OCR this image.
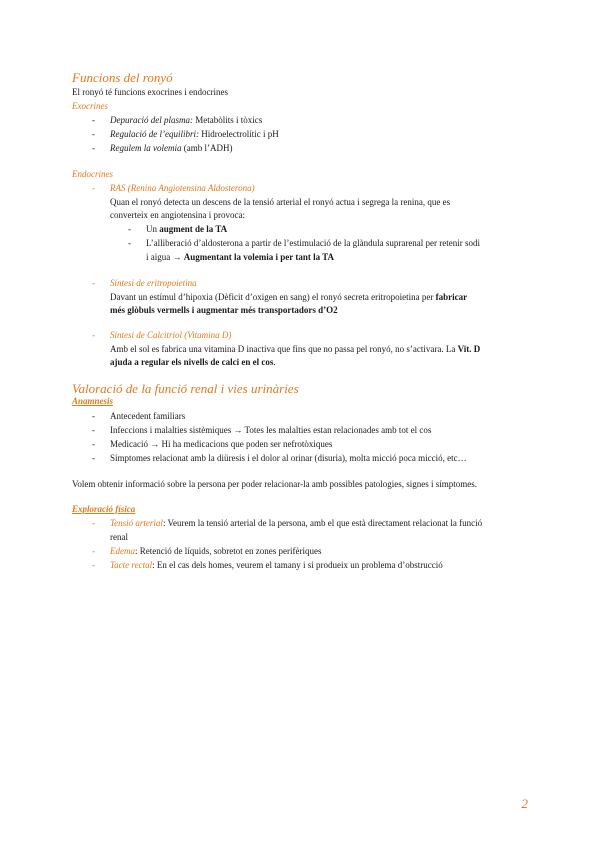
Funcions del ronyó

El ronyó té funcions exocrines i endocrines

Exocrines

- Depuració del plasma: Metabòlits i tòxics

- Regulació de l’equilibri: Hidroelectrolític i pH

- Regulem la volemia (amb l’ADH)

Endocrines

- RAS (Renina Angiotensina Aldosterona)

Quan el ronyó detecta un descens de la tensió arterial el ronyó actua i segrega la renina, que es

converteix en angiotensina i provoca:

- Un augment de la TA

- L’alliberació d’aldosterona a partir de l’estimulació de la glàndula suprarenal per retenir sodi

i aigua → Augmentant la volemia i per tant la TA

- Síntesi de eritropoietina

Davant un estímul d’hipoxia (Dèficit d’oxigen en sang) el ronyó secreta eritropoietina per fabricar

més glòbuls vermells i augmentar més transportadors d’O2

- Síntesi de Calcitriol (Vitamina D)

Amb el sol es fabrica una vitamina D inactiva que fins que no passa pel ronyó, no s’activara. La Vit. D

ajuda a regular els nivells de calci en el cos.

Valoració de la funció renal i vies urinàries

Anamnesis

- Antecedent familiars

- Infeccions i malalties sistèmiques → Totes les malalties estan relacionades amb tot el cos

- Medicació → Hi ha medicacions que poden ser nefrotòxiques

- Símptomes relacionat amb la diüresis i el dolor al orinar (disuria), molta micció poca micció, etc…

Volem obtenir informació sobre la persona per poder relacionar-la amb possibles patologies, signes i símptomes.

Exploració física

- Tensió arterial: Veurem la tensió arterial de la persona, amb el que està directament relacionat la funció

renal

- Edema: Retenció de líquids, sobretot en zones perifèriques

- Tacte rectal: En el cas dels homes, veurem el tamany i si produeix un problema d’obstrucció

2
